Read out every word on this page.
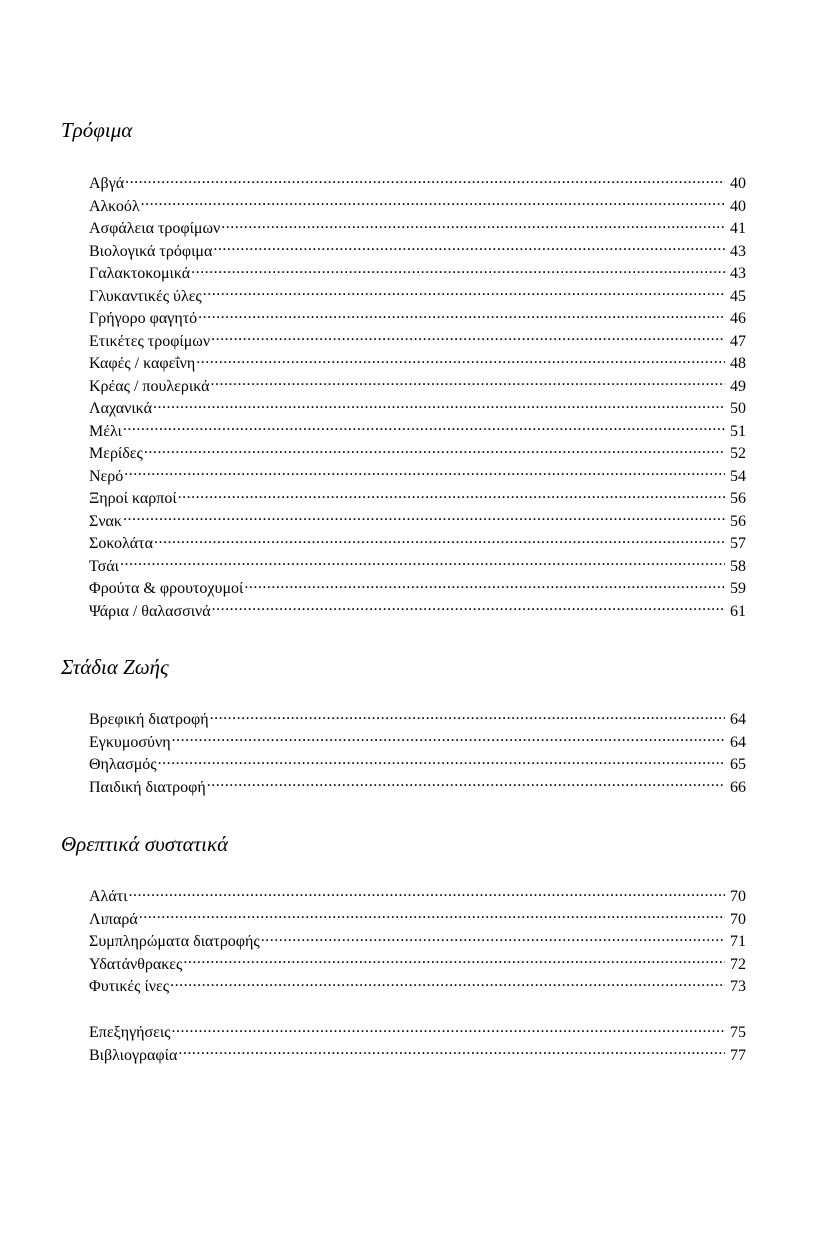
Τρόφιμα
Αβγά .....	40
Αλκοόλ .....	40
Ασφάλεια τροφίμων .....	41
Βιολογικά τρόφιμα .....	43
Γαλακτοκομικά .....	43
Γλυκαντικές ύλες .....	45
Γρήγορο φαγητό .....	46
Ετικέτες τροφίμων .....	47
Καφές / καφεΐνη .....	48
Κρέας / πουλερικά .....	49
Λαχανικά .....	50
Μέλι .....	51
Μερίδες .....	52
Νερό .....	54
Ξηροί καρποί .....	56
Σνακ .....	56
Σοκολάτα .....	57
Τσάι .....	58
Φρούτα & φρουτοχυμοί .....	59
Ψάρια / θαλασσινά .....	61
Στάδια Ζωής
Βρεφική διατροφή .....	64
Εγκυμοσύνη .....	64
Θηλασμός .....	65
Παιδική διατροφή .....	66
Θρεπτικά συστατικά
Αλάτι .....	70
Λιπαρά .....	70
Συμπληρώματα διατροφής .....	71
Υδατάνθρακες .....	72
Φυτικές ίνες .....	73
Επεξηγήσεις .....	75
Βιβλιογραφία .....	77
